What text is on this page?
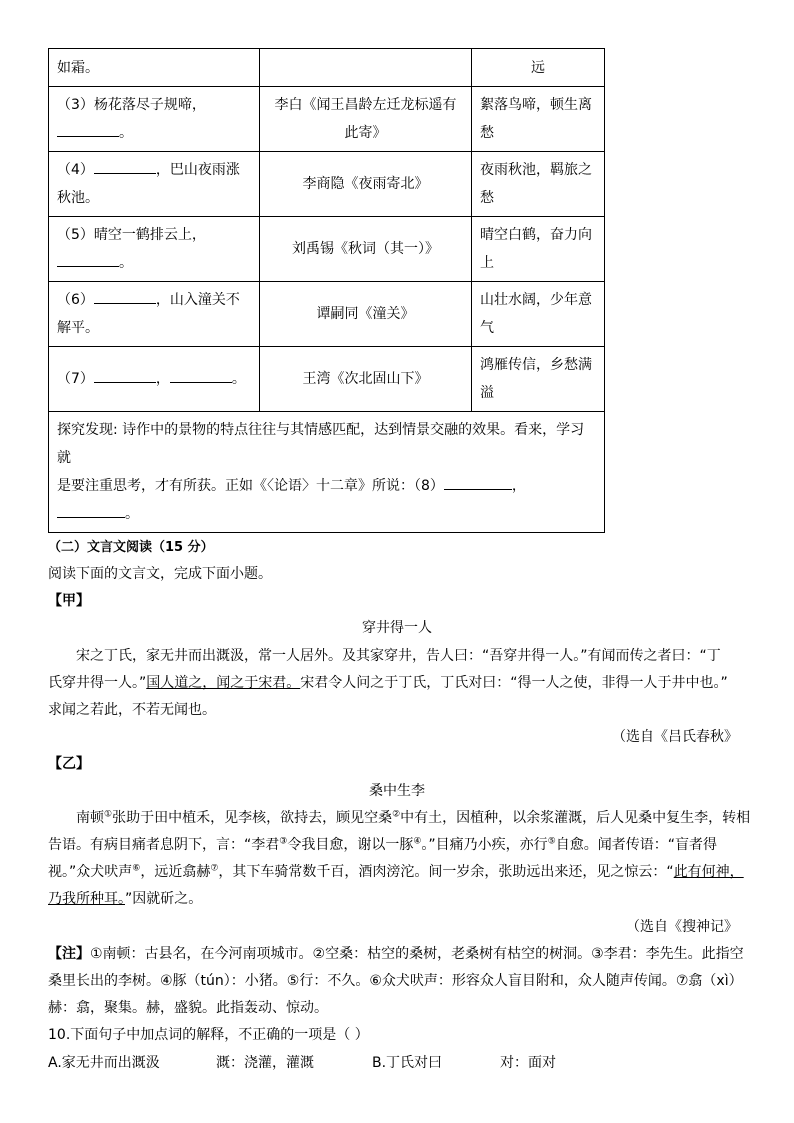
如霜。		远
（3）杨花落尽子规啼，
。	李白《闻王昌龄左迁龙标遥有此寄》	絮落鸟啼，顿生离愁
（4） ，巴山夜雨涨
秋池。	李商隐《夜雨寄北》	夜雨秋池，羁旅之愁
（5）晴空一鹤排云上，
。	刘禹锡《秋词（其一）》	晴空白鹤，奋力向上
（6） ，山入潼关不
解平。	谭嗣同《潼关》	山壮水阔，少年意气
（7） ， 。	王湾《次北固山下》	鸿雁传信，乡愁满溢
探究发现: 诗作中的景物的特点往往与其情感匹配，达到情景交融的效果。看来，学习就
是要注重思考，才有所获。正如《〈论语〉十二章》所说：（8） ，
。		
（二）文言文阅读（15 分）
阅读下面的文言文，完成下面小题。
【甲】
穿井得一人
宋之丁氏，家无井而出溉汲，常一人居外。及其家穿井，告人曰：“吾穿井得一人。”有闻而传之者曰：“丁
氏穿井得一人。”国人道之，闻之于宋君。宋君令人问之于丁氏，丁氏对曰：“得一人之使，非得一人于井中也。”
求闻之若此，不若无闻也。
（选自《吕氏春秋》
【乙】
桑中生李
南顿①张助于田中植禾，见李核，欲持去，顾见空桑②中有土，因植种，以余浆灌溉，后人见桑中复生李，转相
告语。有病目痛者息阴下，言：“李君③令我目愈，谢以一豚④。”目痛乃小疾，亦行⑤自愈。闻者传语：“盲者得
视。”众犬吠声⑥，远近翕赫⑦，其下车骑常数千百，酒肉滂沱。间一岁余，张助远出来还，见之惊云：“此有何神，
乃我所种耳。”因就斫之。
（选自《搜神记》
【注】①南顿：古县名，在今河南项城市。②空桑：枯空的桑树，老桑树有枯空的树洞。③李君：李先生。此指空
桑里长出的李树。④豚（tún）：小猪。⑤行：不久。⑥众犬吠声：形容众人盲目附和，众人随声传闻。⑦翕（xì）
赫：翕，聚集。赫，盛貌。此指轰动、惊动。
10.下面句子中加点词的解释，不正确的一项是（ ）
A.家无井而出溉汲	溉：浇灌，灌溉	B.丁氏对曰	对：面对
